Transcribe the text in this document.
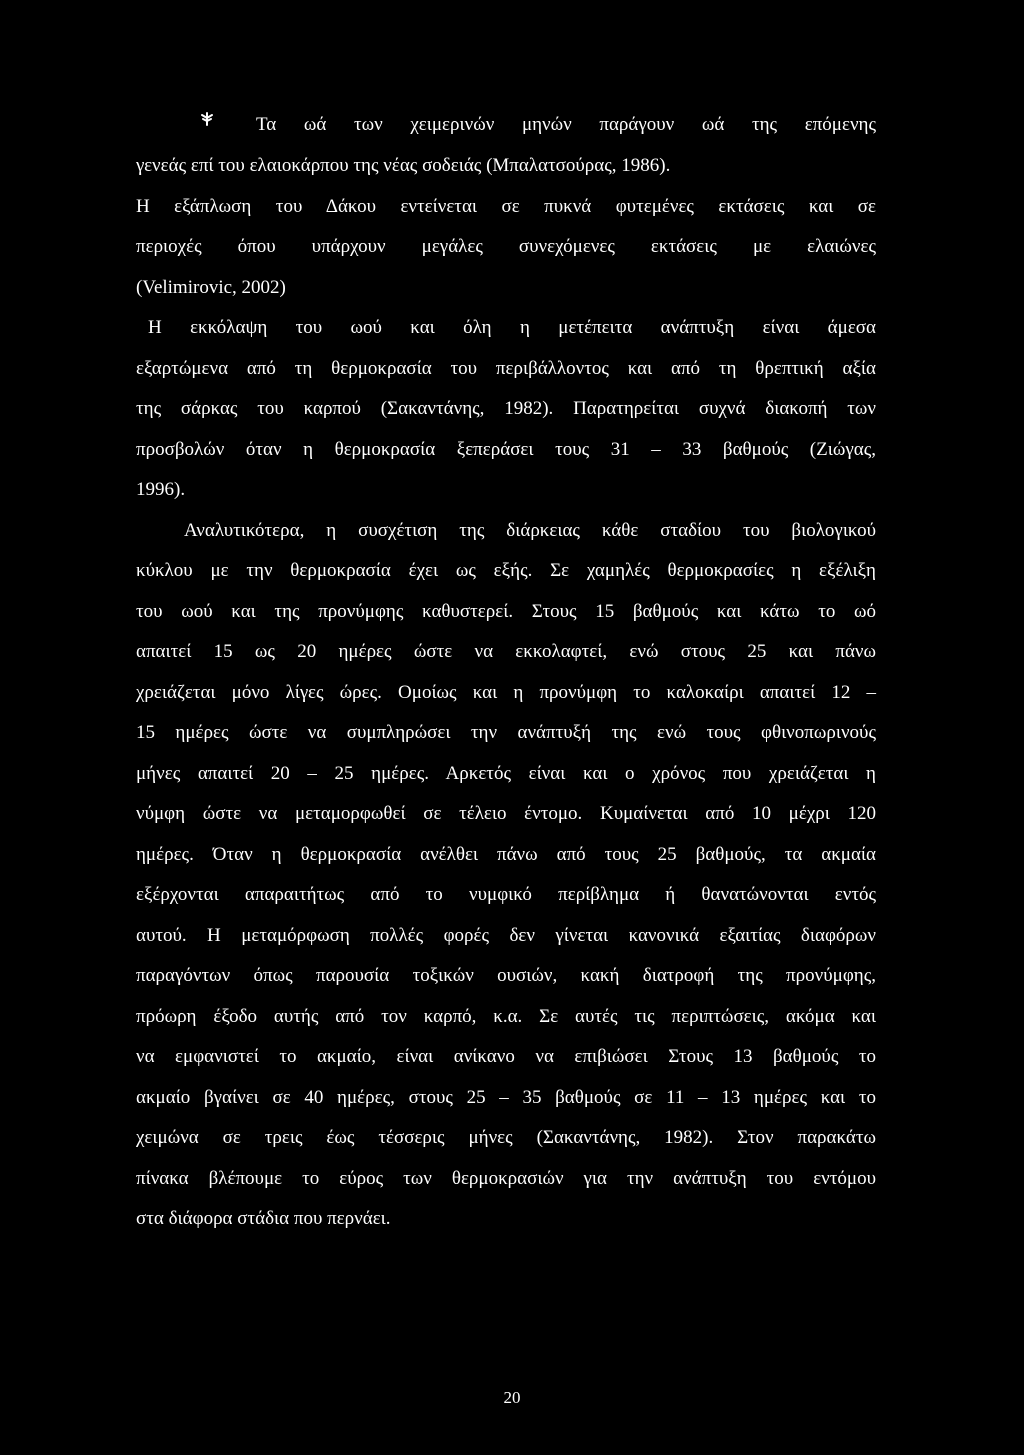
Τα ωά των χειμερινών μηνών παράγουν ωά της επόμενης
γενεάς επί του ελαιοκάρπου της νέας σοδειάς (Μπαλατσούρας, 1986).
Η εξάπλωση του Δάκου εντείνεται σε πυκνά φυτεμένες εκτάσεις και σε
περιοχές όπου υπάρχουν μεγάλες συνεχόμενες εκτάσεις με ελαιώνες
(Velimirovic, 2002)
Η εκκόλαψη του ωού και όλη η μετέπειτα ανάπτυξη είναι άμεσα
εξαρτώμενα από τη θερμοκρασία του περιβάλλοντος και από τη θρεπτική αξία
της σάρκας του καρπού (Σακαντάνης, 1982). Παρατηρείται συχνά διακοπή των
προσβολών όταν η θερμοκρασία ξεπεράσει τους 31 – 33 βαθμούς (Ζιώγας,
1996).
Αναλυτικότερα, η συσχέτιση της διάρκειας κάθε σταδίου του βιολογικού
κύκλου με την θερμοκρασία έχει ως εξής. Σε χαμηλές θερμοκρασίες η εξέλιξη
του ωού και της προνύμφης καθυστερεί. Στους 15 βαθμούς και κάτω το ωό
απαιτεί 15 ως 20 ημέρες ώστε να εκκολαφτεί, ενώ στους 25 και πάνω
χρειάζεται μόνο λίγες ώρες. Ομοίως και η προνύμφη το καλοκαίρι απαιτεί 12 –
15 ημέρες ώστε να συμπληρώσει την ανάπτυξή της ενώ τους φθινοπωρινούς
μήνες απαιτεί 20 – 25 ημέρες. Αρκετός είναι και ο χρόνος που χρειάζεται η
νύμφη ώστε να μεταμορφωθεί σε τέλειο έντομο. Κυμαίνεται από 10 μέχρι 120
ημέρες. Όταν η θερμοκρασία ανέλθει πάνω από τους 25 βαθμούς, τα ακμαία
εξέρχονται απαραιτήτως από το νυμφικό περίβλημα ή θανατώνονται εντός
αυτού. Η μεταμόρφωση πολλές φορές δεν γίνεται κανονικά εξαιτίας διαφόρων
παραγόντων όπως παρουσία τοξικών ουσιών, κακή διατροφή της προνύμφης,
πρόωρη έξοδο αυτής από τον καρπό, κ.α. Σε αυτές τις περιπτώσεις, ακόμα και
να εμφανιστεί το ακμαίο, είναι ανίκανο να επιβιώσει Στους 13 βαθμούς το
ακμαίο βγαίνει σε 40 ημέρες, στους 25 – 35 βαθμούς σε 11 – 13 ημέρες και το
χειμώνα σε τρεις έως τέσσερις μήνες (Σακαντάνης, 1982). Στον παρακάτω
πίνακα βλέπουμε το εύρος των θερμοκρασιών για την ανάπτυξη του εντόμου
στα διάφορα στάδια που περνάει.
20
